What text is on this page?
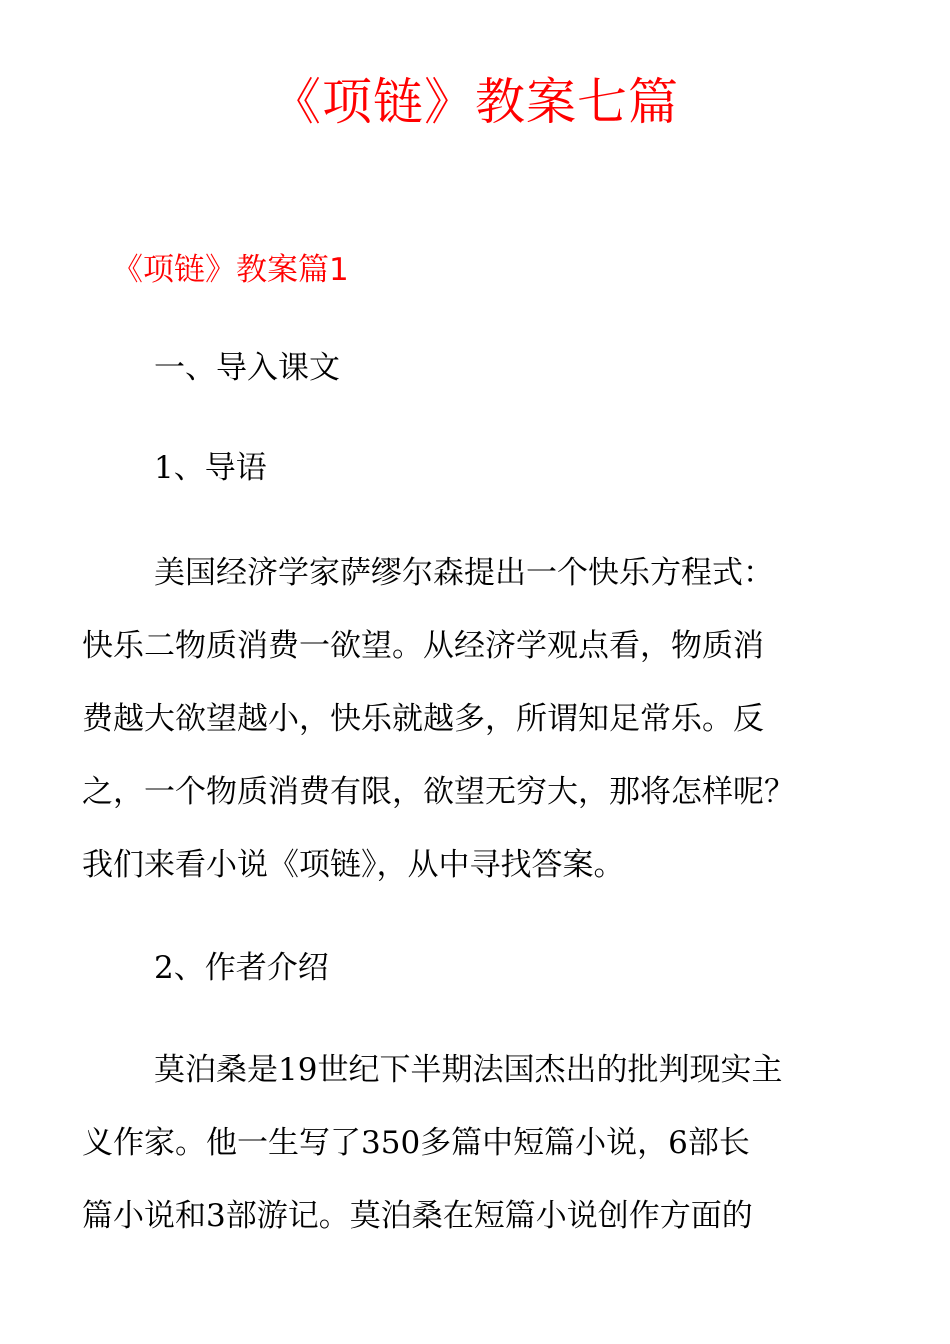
《项链》教案七篇
《项链》教案篇1
一、导入课文
1、导语
美国经济学家萨缪尔森提出一个快乐方程式：
快乐二物质消费一欲望。从经济学观点看，物质消
费越大欲望越小，快乐就越多，所谓知足常乐。反
之，一个物质消费有限，欲望无穷大，那将怎样呢？
我们来看小说《项链》，从中寻找答案。
2、作者介绍
莫泊桑是19世纪下半期法国杰出的批判现实主
义作家。他一生写了350多篇中短篇小说，6部长
篇小说和3部游记。莫泊桑在短篇小说创作方面的
